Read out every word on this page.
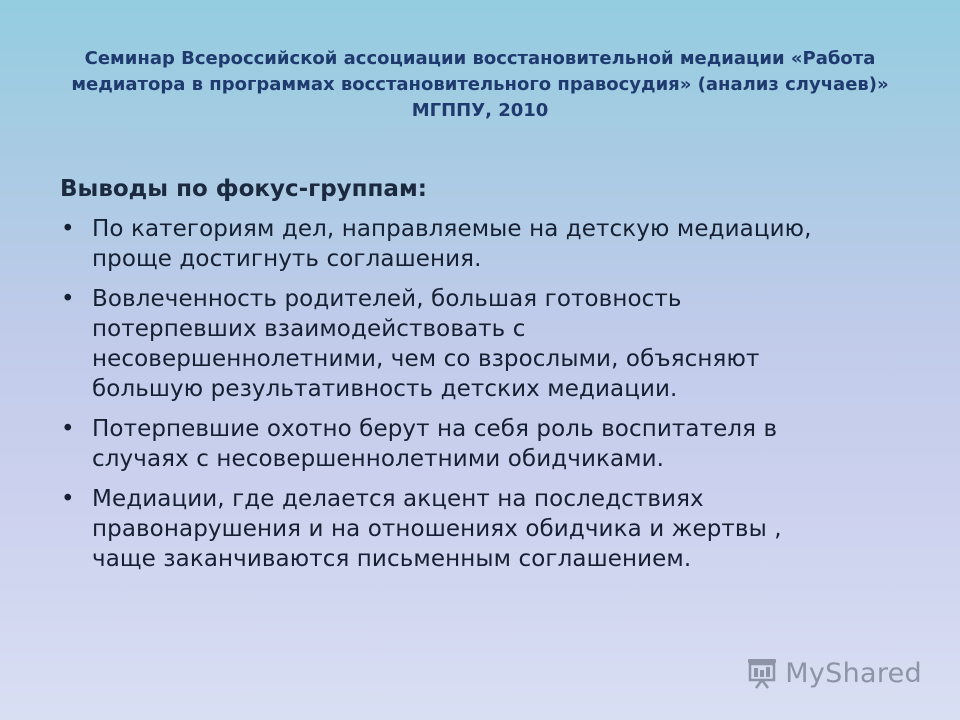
Семинар Всероссийской ассоциации восстановительной медиации «Работа
медиатора в программах восстановительного правосудия» (анализ случаев)»
МГППУ, 2010
Выводы по фокус-группам:
• По категориям дел, направляемые на детскую медиацию,
проще достигнуть соглашения.
• Вовлеченность родителей, большая готовность
потерпевших взаимодействовать с
несовершеннолетними, чем со взрослыми, объясняют
большую результативность детских медиации.
• Потерпевшие охотно берут на себя роль воспитателя в
случаях с несовершеннолетними обидчиками.
• Медиации, где делается акцент на последствиях
правонарушения и на отношениях обидчика и жертвы ,
чаще заканчиваются письменным соглашением.
MyShared
